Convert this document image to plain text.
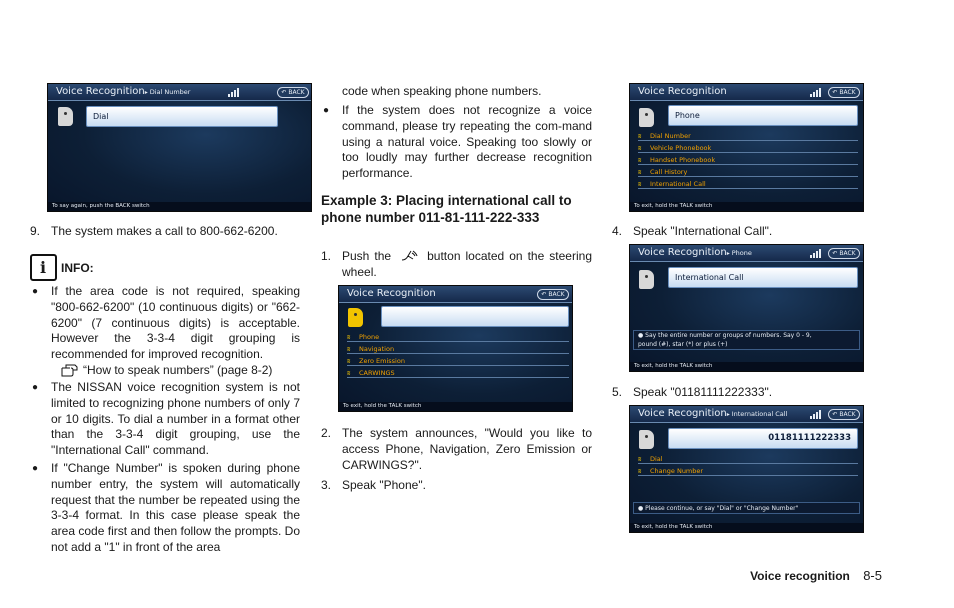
Voice Recognition▸ Dial Number	↶ BACK
Dial
To say again, push the BACK switch
9. The system makes a call to 800-662-6200.
i INFO:
●	If the area code is not required, speaking "800-662-6200" (10 continuous digits) or "662-6200" (7 continuous digits) is acceptable. However the 3-3-4 digit grouping is recommended for improved recognition.
“How to speak numbers” (page 8-2)
●	The NISSAN voice recognition system is not limited to recognizing phone numbers of only 7 or 10 digits. To dial a number in a format other than the 3-3-4 digit grouping, use the "International Call" command.
●	If "Change Number" is spoken during phone number entry, the system will automatically request that the number be repeated using the 3-3-4 format. In this case please speak the area code first and then follow the prompts. Do not add a "1" in front of the area
code when speaking phone numbers.
●	If the system does not recognize a voice command, please try repeating the com-mand using a natural voice. Speaking too slowly or too loudly may further decrease recognition performance.
Example 3: Placing international call to phone number 011-81-111-222-333
1. Push the	button located on the steering wheel.
Voice Recognition	↶ BACK
ʬ Phone
ʬ Navigation
ʬ Zero Emission
ʬ CARWINGS
To exit, hold the TALK switch
2. The system announces, "Would you like to access Phone, Navigation, Zero Emission or CARWINGS?".
3. Speak "Phone".
Voice Recognition	↶ BACK
Phone
ʬ Dial Number
ʬ Vehicle Phonebook
ʬ Handset Phonebook
ʬ Call History
ʬ International Call
To exit, hold the TALK switch
4. Speak "International Call".
Voice Recognition▸ Phone	↶ BACK
International Call
● Say the entire number or groups of numbers. Say 0 - 9,
pound (#), star (*) or plus (+)
To exit, hold the TALK switch
5. Speak "01181111222333".
Voice Recognition▸ International Call	↶ BACK
01181111222333
ʬ Dial
ʬ Change Number
● Please continue, or say "Dial" or "Change Number"
To exit, hold the TALK switch
Voice recognition 8-5
